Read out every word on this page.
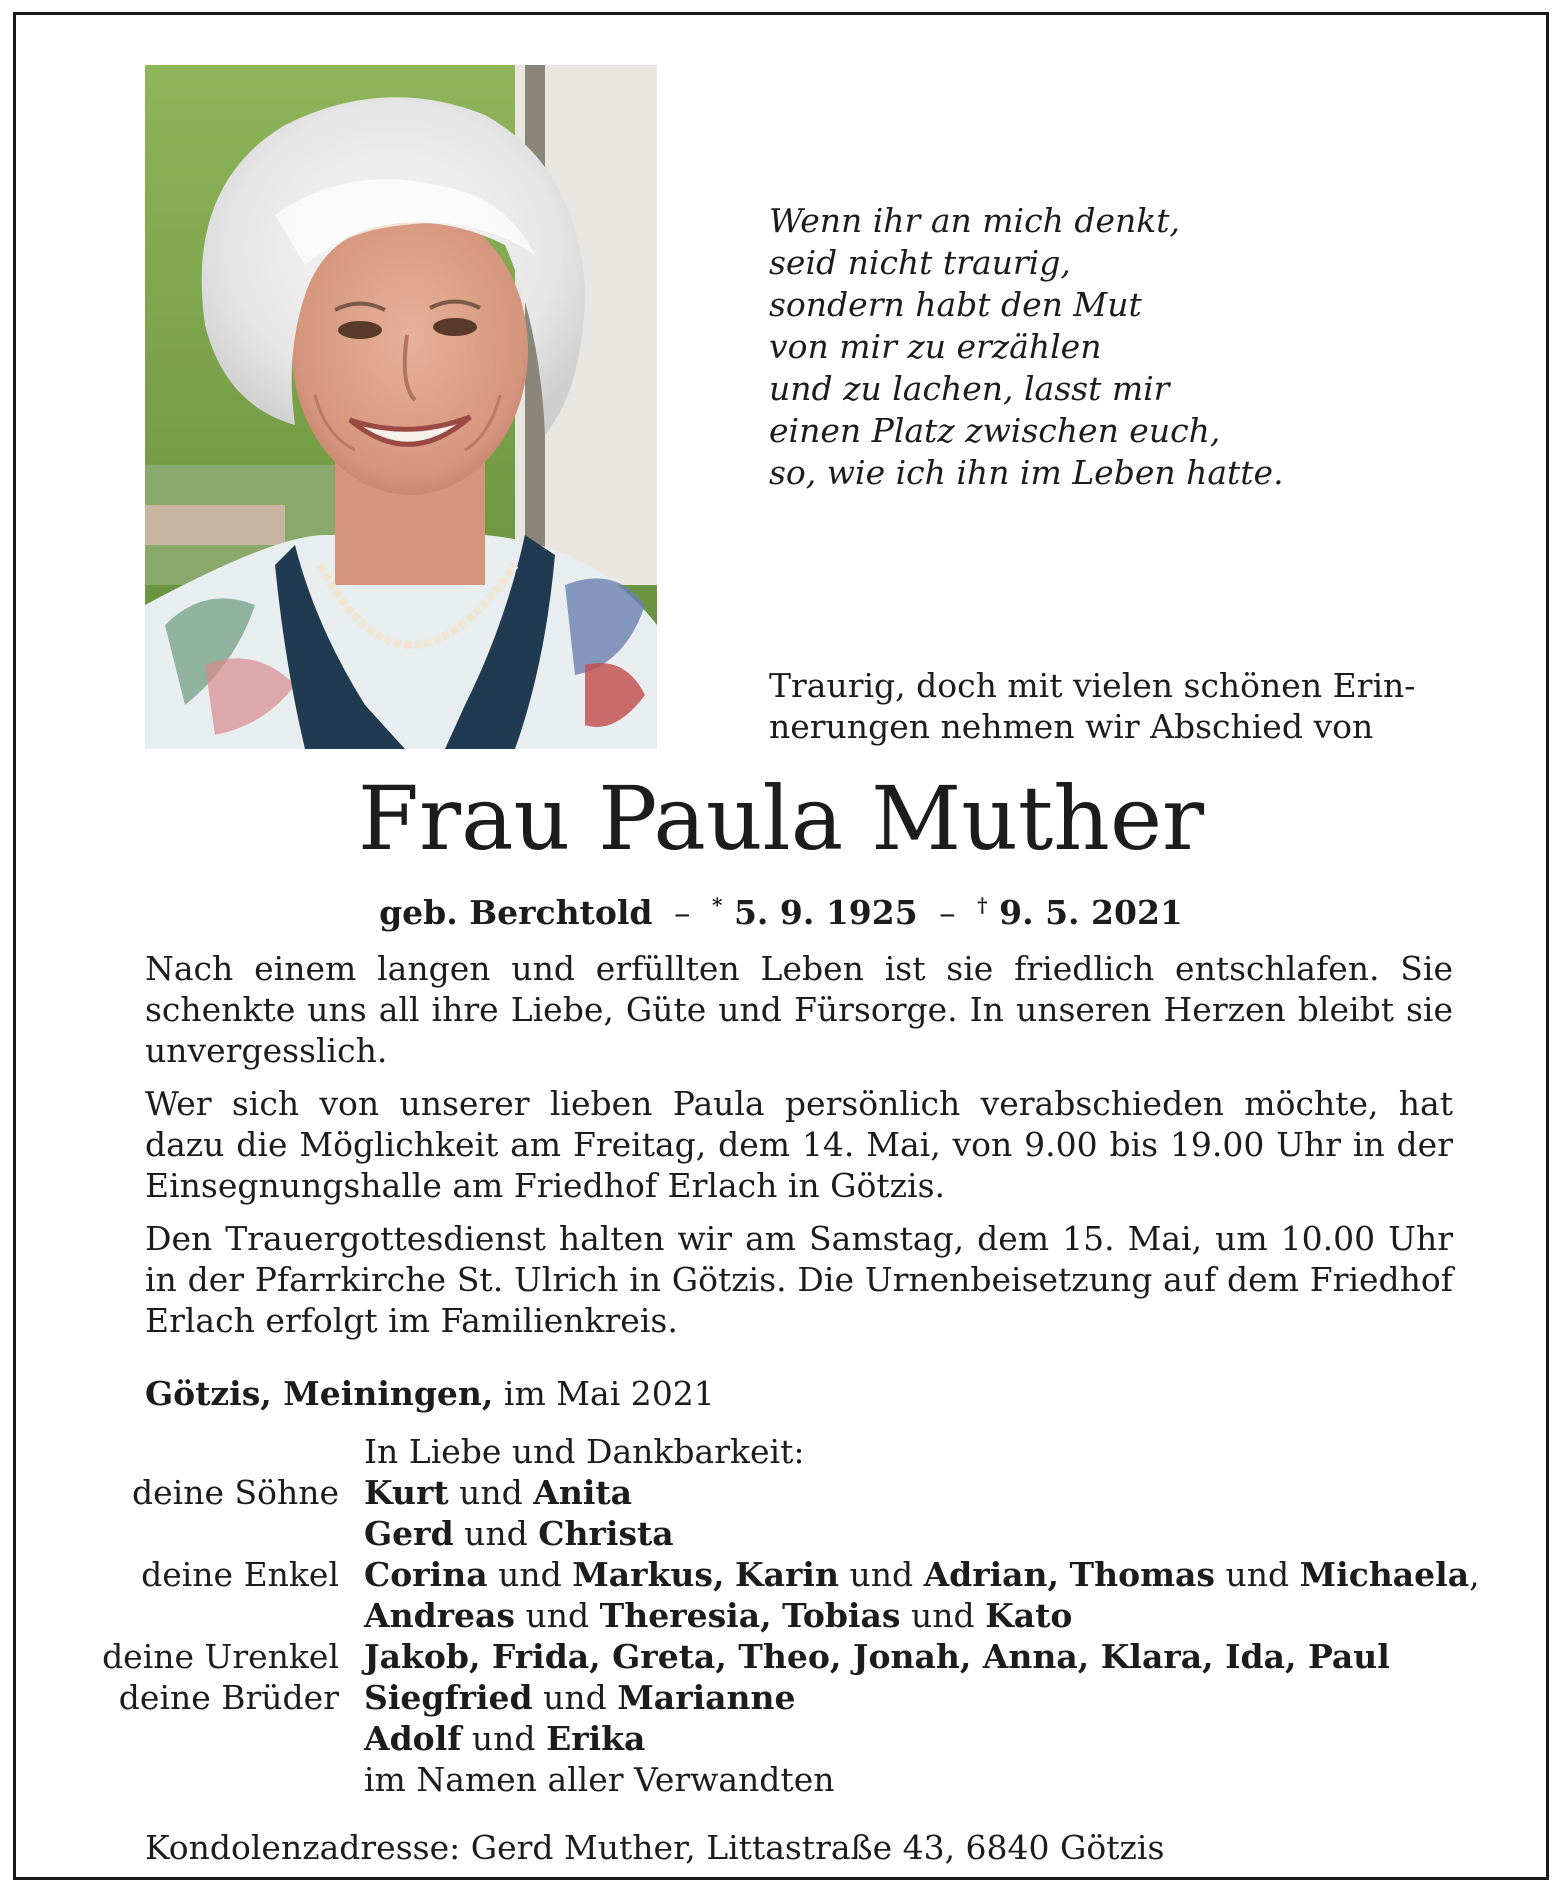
Wenn ihr an mich denkt,
seid nicht traurig,
sondern habt den Mut
von mir zu erzählen
und zu lachen, lasst mir
einen Platz zwischen euch,
so, wie ich ihn im Leben hatte.
Traurig, doch mit vielen schönen Erin-
nerungen nehmen wir Abschied von
Frau Paula Muther
geb. Berchtold – * 5. 9. 1925 – † 9. 5. 2021

Nach einem langen und erfüllten Leben ist sie friedlich entschlafen. Sie schenkte uns all ihre Liebe, Güte und Fürsorge. In unseren Herzen bleibt sie unvergesslich.

Wer sich von unserer lieben Paula persönlich verabschieden möchte, hat dazu die Möglichkeit am Freitag, dem 14. Mai, von 9.00 bis 19.00 Uhr in der Einsegnungshalle am Friedhof Erlach in Götzis.

Den Trauergottesdienst halten wir am Samstag, dem 15. Mai, um 10.00 Uhr in der Pfarrkirche St. Ulrich in Götzis. Die Urnenbeisetzung auf dem Friedhof Erlach erfolgt im Familienkreis.

Götzis, Meiningen, im Mai 2021
In Liebe und Dankbarkeit:
deine Söhne Kurt und Anita
Gerd und Christa
deine Enkel Corina und Markus, Karin und Adrian, Thomas und Michaela,
Andreas und Theresia, Tobias und Kato
deine Urenkel Jakob, Frida, Greta, Theo, Jonah, Anna, Klara, Ida, Paul
deine Brüder Siegfried und Marianne
Adolf und Erika
im Namen aller Verwandten
Kondolenzadresse: Gerd Muther, Littastraße 43, 6840 Götzis
